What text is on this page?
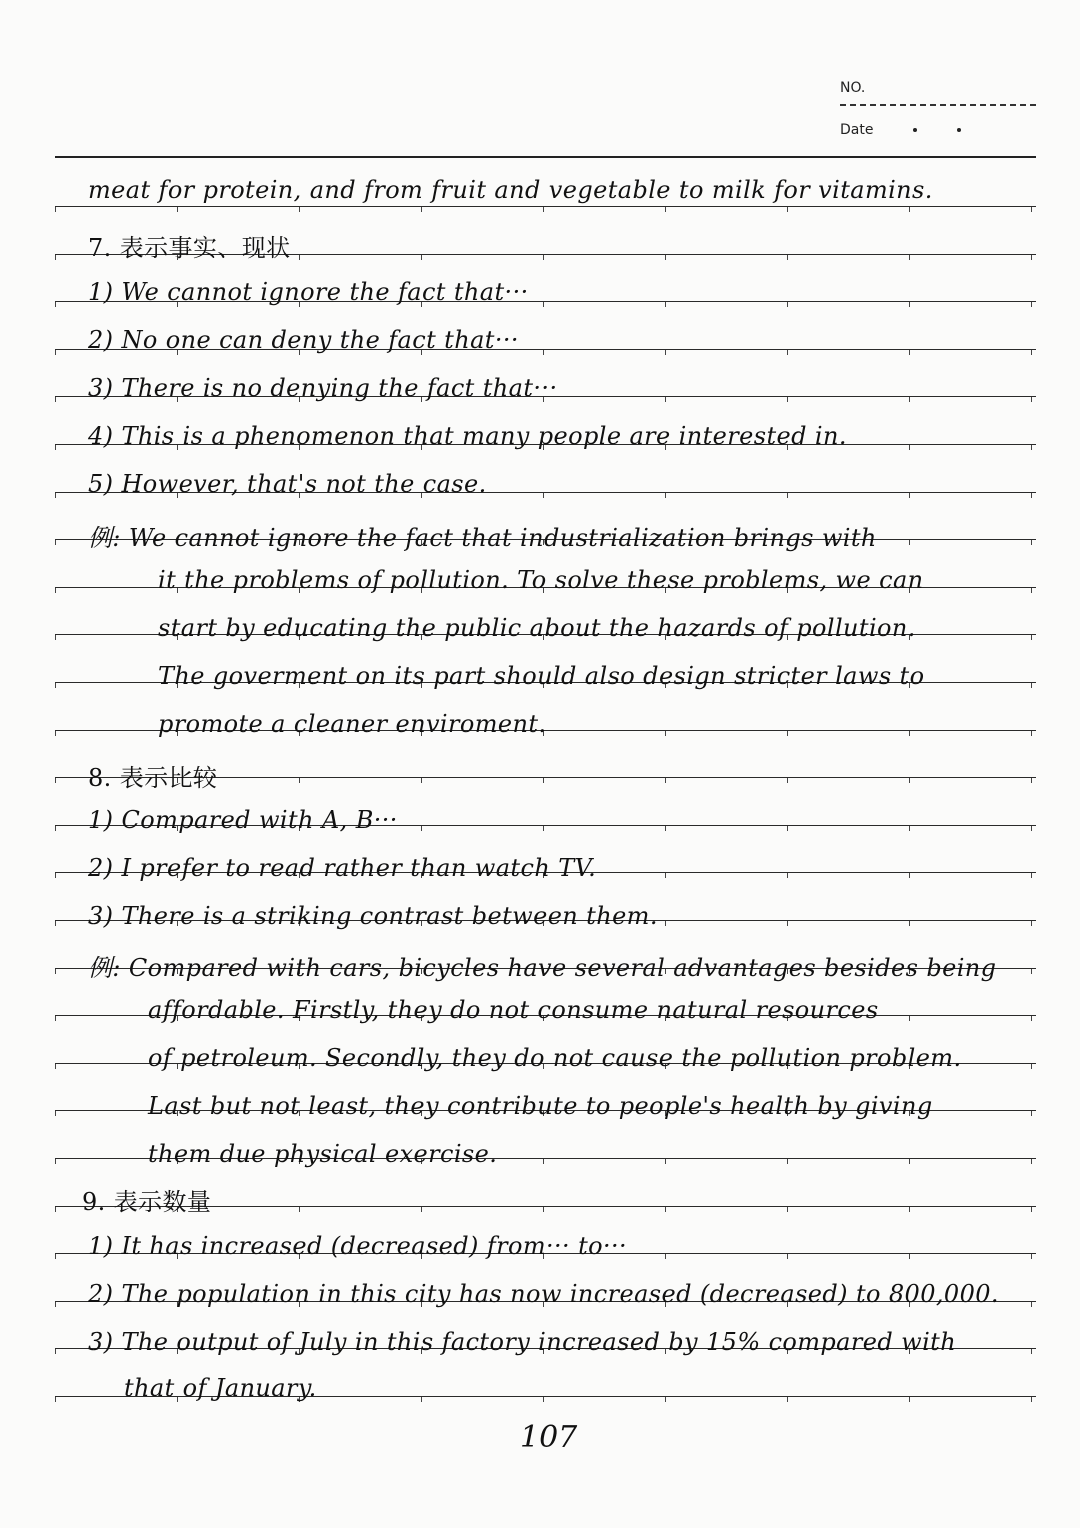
NO.
Date
meat for protein, and from fruit and vegetable to milk for vitamins.
7. 表示事实、现状
1) We cannot ignore the fact that···
2) No one can deny the fact that···
3) There is no denying the fact that···
4) This is a phenomenon that many people are interested in.
5) However, that's not the case.
例: We cannot ignore the fact that industrialization brings with
it the problems of pollution. To solve these problems, we can
start by educating the public about the hazards of pollution.
The goverment on its part should also design stricter laws to
promote a cleaner enviroment.
8. 表示比较
1) Compared with A, B···
2) I prefer to read rather than watch TV.
3) There is a striking contrast between them.
例: Compared with cars, bicycles have several advantages besides being
affordable. Firstly, they do not consume natural resources
of petroleum. Secondly, they do not cause the pollution problem.
Last but not least, they contribute to people's health by giving
them due physical exercise.
9. 表示数量
1) It has increased (decreased) from··· to···
2) The population in this city has now increased (decreased) to 800,000.
3) The output of July in this factory increased by 15% compared with
that of January.
107
